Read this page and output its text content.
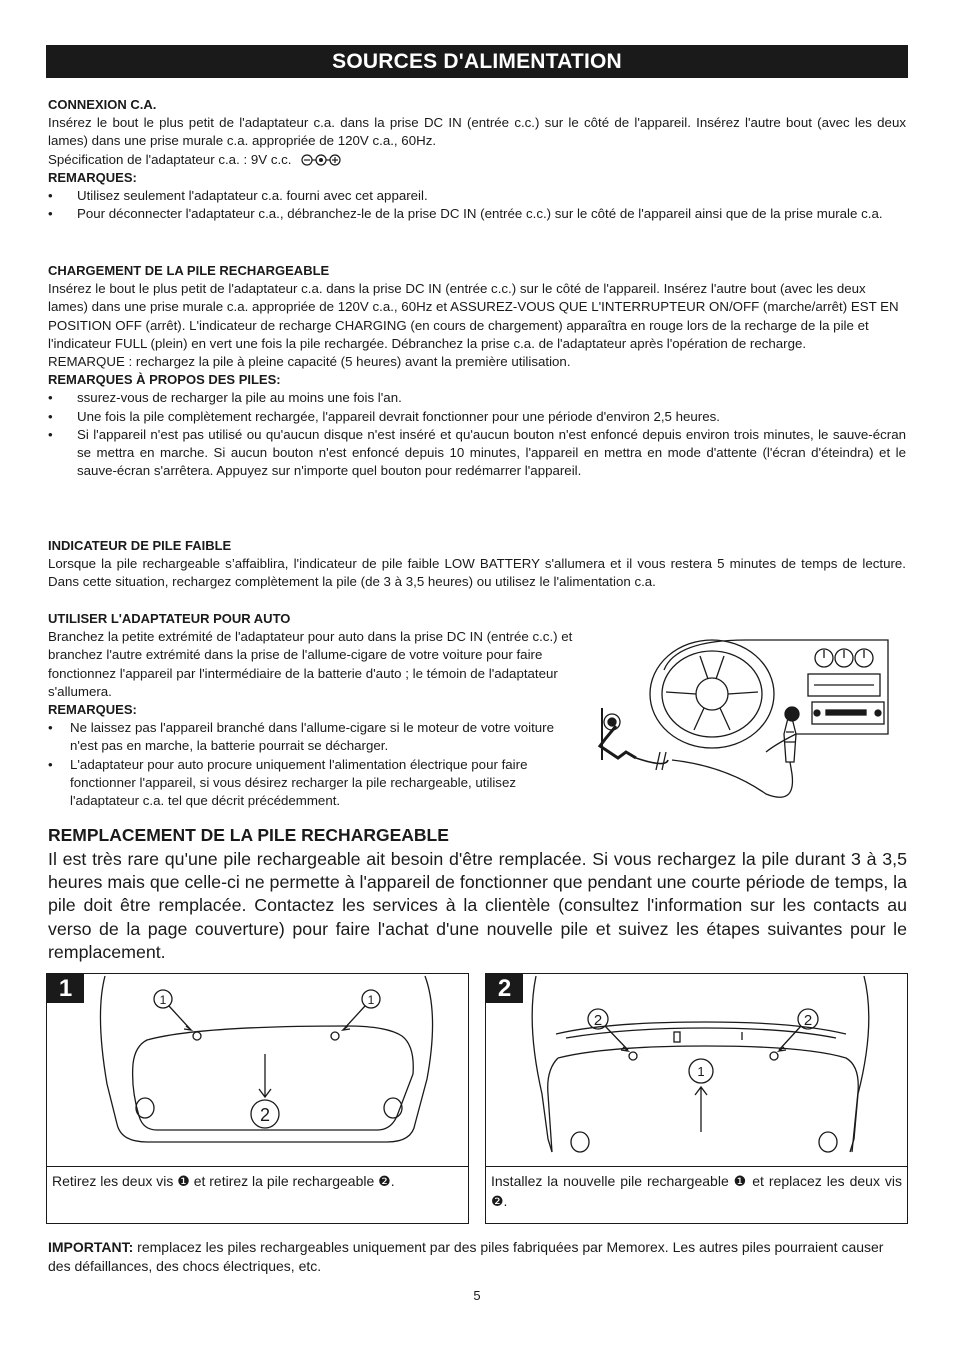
SOURCES D'ALIMENTATION
CONNEXION C.A.
Insérez le bout le plus petit de l'adaptateur c.a. dans la prise DC IN (entrée c.c.) sur le côté de l'appareil. Insérez l'autre bout (avec les deux lames) dans une prise murale c.a. appropriée de 120V c.a., 60Hz.
Spécification de l'adaptateur c.a. : 9V c.c.
REMARQUES:
• Utilisez seulement l'adaptateur c.a. fourni avec cet appareil.
• Pour déconnecter l'adaptateur c.a., débranchez-le de la prise DC IN (entrée c.c.) sur le côté de l'appareil ainsi que de la prise murale c.a.
CHARGEMENT DE LA PILE RECHARGEABLE
Insérez le bout le plus petit de l'adaptateur c.a. dans la prise DC IN (entrée c.c.) sur le côté de l'appareil. Insérez l'autre bout (avec les deux lames) dans une prise murale c.a. appropriée de 120V c.a., 60Hz et ASSUREZ-VOUS QUE L'INTERRUPTEUR ON/OFF (marche/arrêt) EST EN POSITION OFF (arrêt). L'indicateur de recharge CHARGING (en cours de chargement) apparaîtra en rouge lors de la recharge de la pile et l'indicateur FULL (plein) en vert une fois la pile rechargée. Débranchez la prise c.a. de l'adaptateur après l'opération de recharge.
REMARQUE : rechargez la pile à pleine capacité (5 heures) avant la première utilisation.
REMARQUES À PROPOS DES PILES:
• ssurez-vous de recharger la pile au moins une fois l'an.
• Une fois la pile complètement rechargée, l'appareil devrait fonctionner pour une période d'environ 2,5 heures.
• Si l'appareil n'est pas utilisé ou qu'aucun disque n'est inséré et qu'aucun bouton n'est enfoncé depuis environ trois minutes, le sauve-écran se mettra en marche. Si aucun bouton n'est enfoncé depuis 10 minutes, l'appareil en mettra en mode d'attente (l'écran d'éteindra) et le sauve-écran s'arrêtera. Appuyez sur n'importe quel bouton pour redémarrer l'appareil.
INDICATEUR DE PILE FAIBLE
Lorsque la pile rechargeable s’affaiblira, l'indicateur de pile faible LOW BATTERY s'allumera et il vous restera 5 minutes de temps de lecture. Dans cette situation, rechargez complètement la pile (de 3 à 3,5 heures) ou utilisez le l'alimentation c.a.
UTILISER L'ADAPTATEUR POUR AUTO
Branchez la petite extrémité de l'adaptateur pour auto dans la prise DC IN (entrée c.c.) et branchez l'autre extrémité dans la prise de l'allume-cigare de votre voiture pour faire fonctionnez l'appareil par l'intermédiaire de la batterie d'auto ; le témoin de l'adaptateur s'allumera.
REMARQUES:
• Ne laissez pas l'appareil branché dans l'allume-cigare si le moteur de votre voiture n'est pas en marche, la batterie pourrait se décharger.
• L'adaptateur pour auto procure uniquement l'alimentation électrique pour faire fonctionner l'appareil, si vous désirez recharger la pile rechargeable, utilisez l'adaptateur c.a. tel que décrit précédemment.
REMPLACEMENT DE LA PILE RECHARGEABLE
Il est très rare qu'une pile rechargeable ait besoin d'être remplacée. Si vous rechargez la pile durant 3 à 3,5 heures mais que celle-ci ne permette à l'appareil de fonctionner que pendant une courte période de temps, la pile doit être remplacée. Contactez les services à la clientèle (consultez l'information sur les contacts au verso de la page couverture) pour faire l'achat d'une nouvelle pile et suivez les étapes suivantes pour le remplacement.
1	1	1
2
Retirez les deux vis ❶ et retirez la pile rechargeable ❷.
2
2	2
1
Installez la nouvelle pile rechargeable ❶ et replacez les deux vis ❷.
IMPORTANT: remplacez les piles rechargeables uniquement par des piles fabriquées par Memorex. Les autres piles pourraient causer des défaillances, des chocs électriques, etc.
5
